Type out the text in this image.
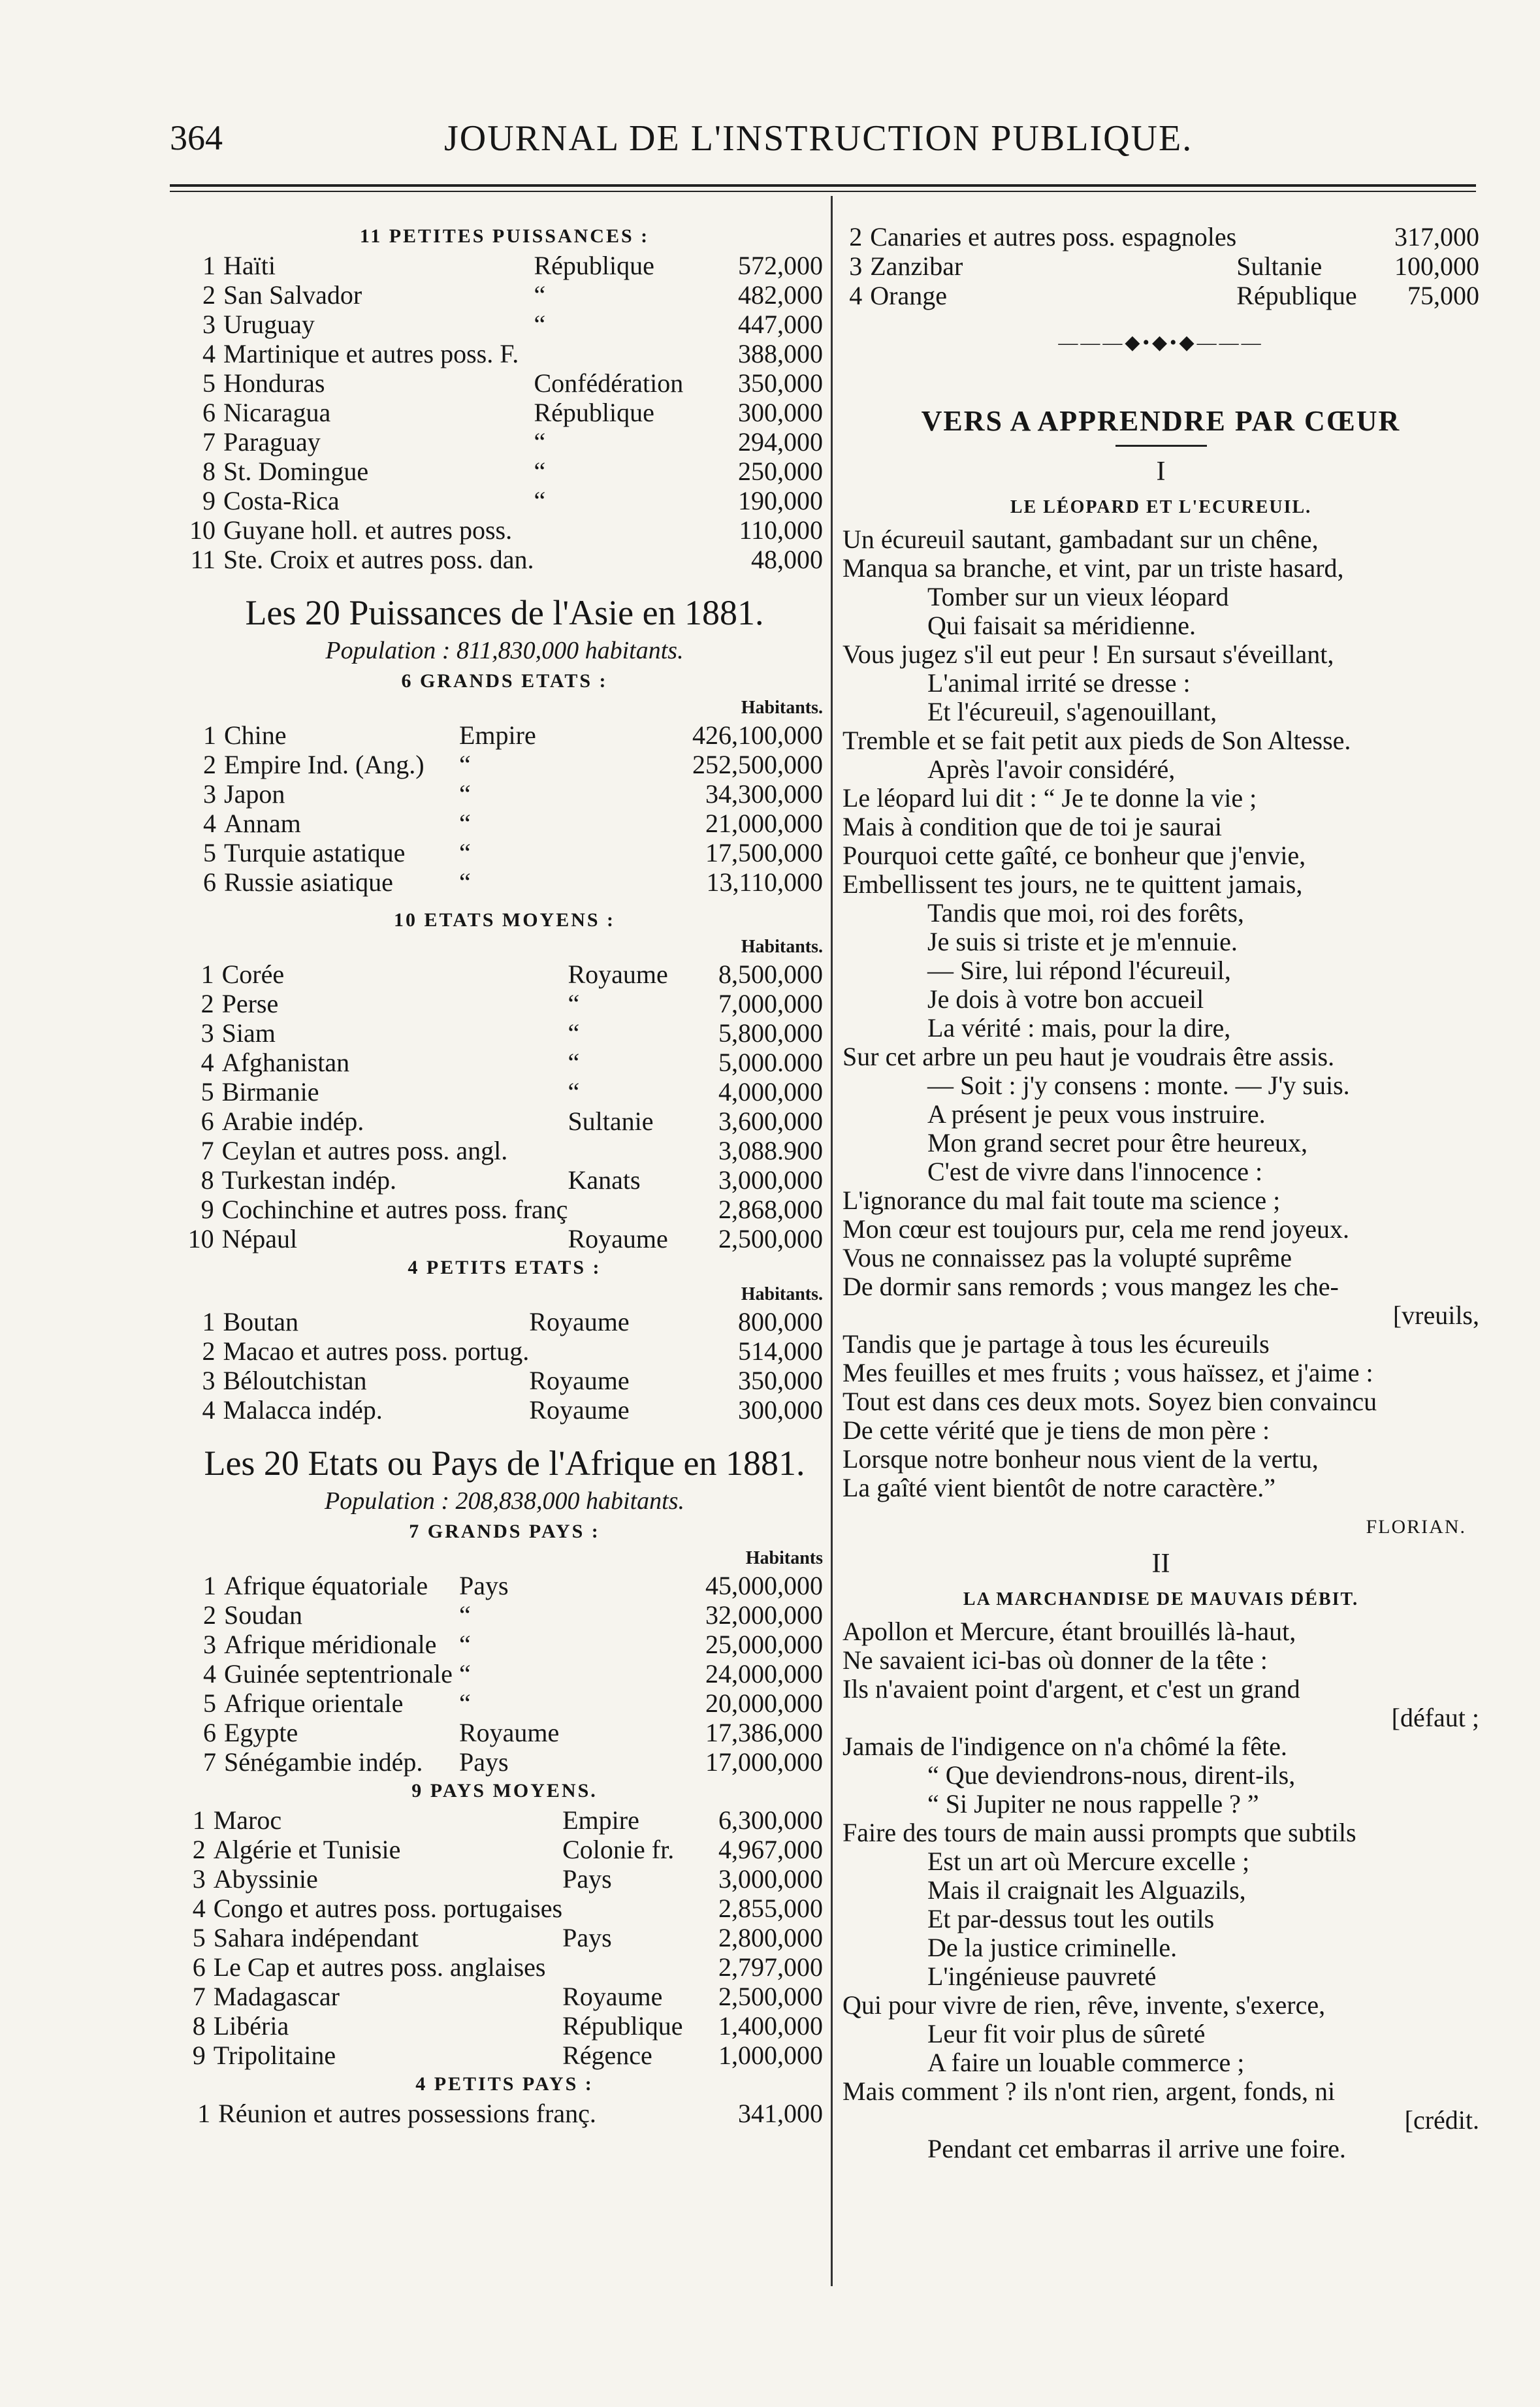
364	JOURNAL DE L'INSTRUCTION PUBLIQUE.
11 PETITES PUISSANCES :
1	Haïti	République	572,000
2	San Salvador	“	482,000
3	Uruguay	“	447,000
4	Martinique et autres poss. F.		388,000
5	Honduras	Confédération	350,000
6	Nicaragua	République	300,000
7	Paraguay	“	294,000
8	St. Domingue	“	250,000
9	Costa-Rica	“	190,000
10	Guyane holl. et autres poss.		110,000
11	Ste. Croix et autres poss. dan.		48,000
Les 20 Puissances de l'Asie en 1881.
Population : 811,830,000 habitants.
6 GRANDS ETATS :
Habitants.
1	Chine	Empire	426,100,000
2	Empire Ind. (Ang.)	“	252,500,000
3	Japon	“	34,300,000
4	Annam	“	21,000,000
5	Turquie astatique	“	17,500,000
6	Russie asiatique	“	13,110,000
10 ETATS MOYENS :
Habitants.
1	Corée	Royaume	8,500,000
2	Perse	“	7,000,000
3	Siam	“	5,800,000
4	Afghanistan	“	5,000.000
5	Birmanie	“	4,000,000
6	Arabie indép.	Sultanie	3,600,000
7	Ceylan et autres poss. angl.		3,088.900
8	Turkestan indép.	Kanats	3,000,000
9	Cochinchine et autres poss. franç		2,868,000
10	Népaul	Royaume	2,500,000
4 PETITS ETATS :
Habitants.
1	Boutan	Royaume	800,000
2	Macao et autres poss. portug.		514,000
3	Béloutchistan	Royaume	350,000
4	Malacca indép.	Royaume	300,000
Les 20 Etats ou Pays de l'Afrique en 1881.
Population : 208,838,000 habitants.
7 GRANDS PAYS :
Habitants
1	Afrique équatoriale	Pays	45,000,000
2	Soudan	“	32,000,000
3	Afrique méridionale	“	25,000,000
4	Guinée septentrionale	“	24,000,000
5	Afrique orientale	“	20,000,000
6	Egypte	Royaume	17,386,000
7	Sénégambie indép.	Pays	17,000,000
9 PAYS MOYENS.
1	Maroc	Empire	6,300,000
2	Algérie et Tunisie	Colonie fr.	4,967,000
3	Abyssinie	Pays	3,000,000
4	Congo et autres poss. portugaises		2,855,000
5	Sahara indépendant	Pays	2,800,000
6	Le Cap et autres poss. anglaises		2,797,000
7	Madagascar	Royaume	2,500,000
8	Libéria	République	1,400,000
9	Tripolitaine	Régence	1,000,000
4 PETITS PAYS :
1	Réunion et autres possessions franç.		341,000
2	Canaries et autres poss. espagnoles		317,000
3	Zanzibar	Sultanie	100,000
4	Orange	République	75,000
———◆•◆•◆———
VERS A APPRENDRE PAR CŒUR
I
LE LÉOPARD ET L'ECUREUIL.
Un écureuil sautant, gambadant sur un chêne,
Manqua sa branche, et vint, par un triste hasard,
Tomber sur un vieux léopard
Qui faisait sa méridienne.
Vous jugez s'il eut peur ! En sursaut s'éveillant,
L'animal irrité se dresse :
Et l'écureuil, s'agenouillant,
Tremble et se fait petit aux pieds de Son Altesse.
Après l'avoir considéré,
Le léopard lui dit : “ Je te donne la vie ;
Mais à condition que de toi je saurai
Pourquoi cette gaîté, ce bonheur que j'envie,
Embellissent tes jours, ne te quittent jamais,
Tandis que moi, roi des forêts,
Je suis si triste et je m'ennuie.
— Sire, lui répond l'écureuil,
Je dois à votre bon accueil
La vérité : mais, pour la dire,
Sur cet arbre un peu haut je voudrais être assis.
— Soit : j'y consens : monte. — J'y suis.
A présent je peux vous instruire.
Mon grand secret pour être heureux,
C'est de vivre dans l'innocence :
L'ignorance du mal fait toute ma science ;
Mon cœur est toujours pur, cela me rend joyeux.
Vous ne connaissez pas la volupté suprême
De dormir sans remords ; vous mangez les che-
[vreuils,
Tandis que je partage à tous les écureuils
Mes feuilles et mes fruits ; vous haïssez, et j'aime :
Tout est dans ces deux mots. Soyez bien convaincu
De cette vérité que je tiens de mon père :
Lorsque notre bonheur nous vient de la vertu,
La gaîté vient bientôt de notre caractère.”
FLORIAN.
II
LA MARCHANDISE DE MAUVAIS DÉBIT.
Apollon et Mercure, étant brouillés là-haut,
Ne savaient ici-bas où donner de la tête :
Ils n'avaient point d'argent, et c'est un grand
[défaut ;
Jamais de l'indigence on n'a chômé la fête.
“ Que deviendrons-nous, dirent-ils,
“ Si Jupiter ne nous rappelle ? ”
Faire des tours de main aussi prompts que subtils
Est un art où Mercure excelle ;
Mais il craignait les Alguazils,
Et par-dessus tout les outils
De la justice criminelle.
L'ingénieuse pauvreté
Qui pour vivre de rien, rêve, invente, s'exerce,
Leur fit voir plus de sûreté
A faire un louable commerce ;
Mais comment ? ils n'ont rien, argent, fonds, ni
[crédit.
Pendant cet embarras il arrive une foire.
